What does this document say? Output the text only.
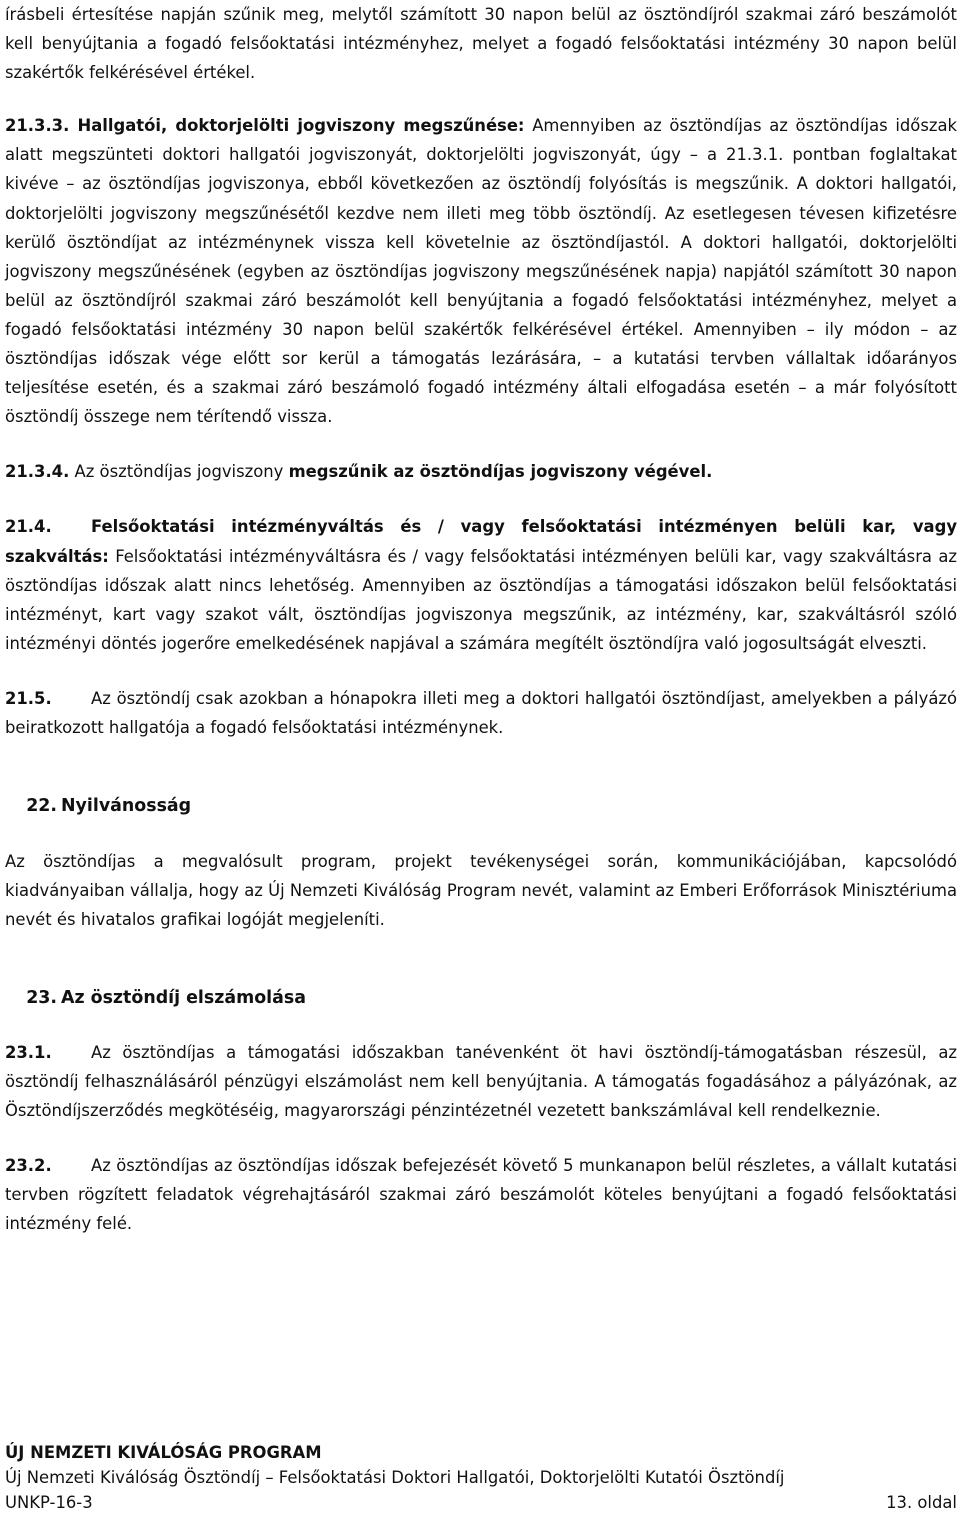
írásbeli értesítése napján szűnik meg, melytől számított 30 napon belül az ösztöndíjról szakmai záró beszámolót kell benyújtania a fogadó felsőoktatási intézményhez, melyet a fogadó felsőoktatási intézmény 30 napon belül szakértők felkérésével értékel.

21.3.3. Hallgatói, doktorjelölti jogviszony megszűnése: Amennyiben az ösztöndíjas az ösztöndíjas időszak alatt megszünteti doktori hallgatói jogviszonyát, doktorjelölti jogviszonyát, úgy – a 21.3.1. pontban foglaltakat kivéve – az ösztöndíjas jogviszonya, ebből következően az ösztöndíj folyósítás is megszűnik. A doktori hallgatói, doktorjelölti jogviszony megszűnésétől kezdve nem illeti meg több ösztöndíj. Az esetlegesen tévesen kifizetésre kerülő ösztöndíjat az intézménynek vissza kell követelnie az ösztöndíjastól. A doktori hallgatói, doktorjelölti jogviszony megszűnésének (egyben az ösztöndíjas jogviszony megszűnésének napja) napjától számított 30 napon belül az ösztöndíjról szakmai záró beszámolót kell benyújtania a fogadó felsőoktatási intézményhez, melyet a fogadó felsőoktatási intézmény 30 napon belül szakértők felkérésével értékel. Amennyiben – ily módon – az ösztöndíjas időszak vége előtt sor kerül a támogatás lezárására, – a kutatási tervben vállaltak időarányos teljesítése esetén, és a szakmai záró beszámoló fogadó intézmény általi elfogadása esetén – a már folyósított ösztöndíj összege nem térítendő vissza.

21.3.4. Az ösztöndíjas jogviszony megszűnik az ösztöndíjas jogviszony végével.

21.4. Felsőoktatási intézményváltás és / vagy felsőoktatási intézményen belüli kar, vagy szakváltás: Felsőoktatási intézményváltásra és / vagy felsőoktatási intézményen belüli kar, vagy szakváltásra az ösztöndíjas időszak alatt nincs lehetőség. Amennyiben az ösztöndíjas a támogatási időszakon belül felsőoktatási intézményt, kart vagy szakot vált, ösztöndíjas jogviszonya megszűnik, az intézmény, kar, szakváltásról szóló intézményi döntés jogerőre emelkedésének napjával a számára megítélt ösztöndíjra való jogosultságát elveszti.

21.5. Az ösztöndíj csak azokban a hónapokra illeti meg a doktori hallgatói ösztöndíjast, amelyekben a pályázó beiratkozott hallgatója a fogadó felsőoktatási intézménynek.

22. Nyilvánosság

Az ösztöndíjas a megvalósult program, projekt tevékenységei során, kommunikációjában, kapcsolódó kiadványaiban vállalja, hogy az Új Nemzeti Kiválóság Program nevét, valamint az Emberi Erőforrások Minisztériuma nevét és hivatalos grafikai logóját megjeleníti.

23. Az ösztöndíj elszámolása

23.1. Az ösztöndíjas a támogatási időszakban tanévenként öt havi ösztöndíj-támogatásban részesül, az ösztöndíj felhasználásáról pénzügyi elszámolást nem kell benyújtania. A támogatás fogadásához a pályázónak, az Ösztöndíjszerződés megkötéséig, magyarországi pénzintézetnél vezetett bankszámlával kell rendelkeznie.

23.2. Az ösztöndíjas az ösztöndíjas időszak befejezését követő 5 munkanapon belül részletes, a vállalt kutatási tervben rögzített feladatok végrehajtásáról szakmai záró beszámolót köteles benyújtani a fogadó felsőoktatási intézmény felé.

ÚJ NEMZETI KIVÁLÓSÁG PROGRAM

Új Nemzeti Kiválóság Ösztöndíj – Felsőoktatási Doktori Hallgatói, Doktorjelölti Kutatói Ösztöndíj

UNKP-16-3	13. oldal
